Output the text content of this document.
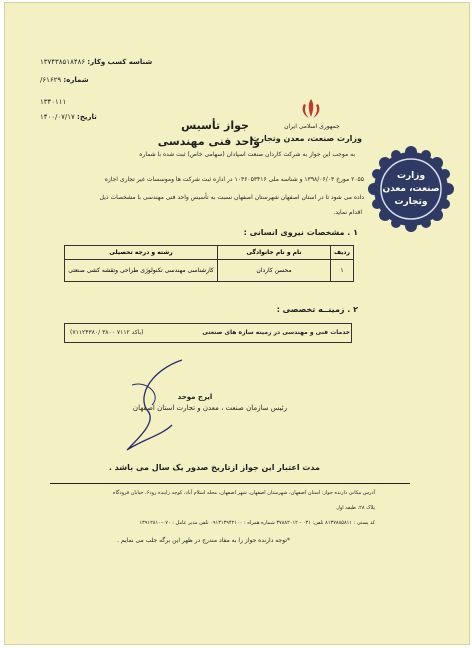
شناسه کسب وکار: ۱۳۷۴۳۸۵۱۸۴۸۶
شماره: ۶۱۶۲۹/
۱۳۴۰۱۱۱
تاریخ: ۱۴۰۰/۰۷/۱۷
جواز تأسیس
واحد فنی مهندسی
جمهوری اسلامی ایران
وزارت صنعت، معدن وتجارت
وزارت
صنعت، معدن
وتجارت
به موجب این جواز به شرکت کاردان صنعت اسپادان (سهامی خاص) ثبت شده با شماره
۲۰۵۵ مورخ ۱۳۹۸/۰۶/۰۳ و شناسه ملی ۱۰۳۶۰۵۳۴۱۶ در اداره ثبت شرکت ها وموسسات غیر تجاری اجازه
داده می شود تا در استان اصفهان شهرستان اصفهان نسبت به تأسیس واحد فنی مهندسی با مشخصات ذیل
اقدام نماید.
۱ . مشخصات نیروی انسانی :
ردیف	نام و نام خانوادگی	رشته و درجه تحصیلی
۱	محسن کاردان	کارشناسی مهندسی تکنولوژی طراحی وتقشه کشی صنعتی
۲ . زمینــه تخصصی :
خدمات فنی و مهندسی در زمینه سازه های صنعتی
(باکد ۷۱۱۲ ۳۸۰۰ /۷۱۱۲۴۳۸۰)
ایرج موحد
رئیس سازمان صنعت ، معدن و تجارت استان اصفهان
مدت اعتبار این جواز ازتاریخ صدور یک سال می باشد .
آدرس مکانی دارنده جواز: استان اصفهان، شهرستان اصفهان، شهر اصفهان، محله اسلام آباد، کوچه زاینده رود۶، خیابان فرودگاه
پلاک ۲۸، طبقه اول
کد پستی : ۸۱۳۷۸۸۵۸۱۱ تلفن: ۰۳۱ - ۳۷۸۸۲۰۱۲ شماره همراه : ۰۹۱۳۱۳۹۴۲۱۰۰ تلفن مدیر عامل : ۰۷۰-۱۳۹۱۲۸۱۰
*توجه دارنده جواز را به مفاد مندرج در ظهر این برگه جلب می نمایم .
